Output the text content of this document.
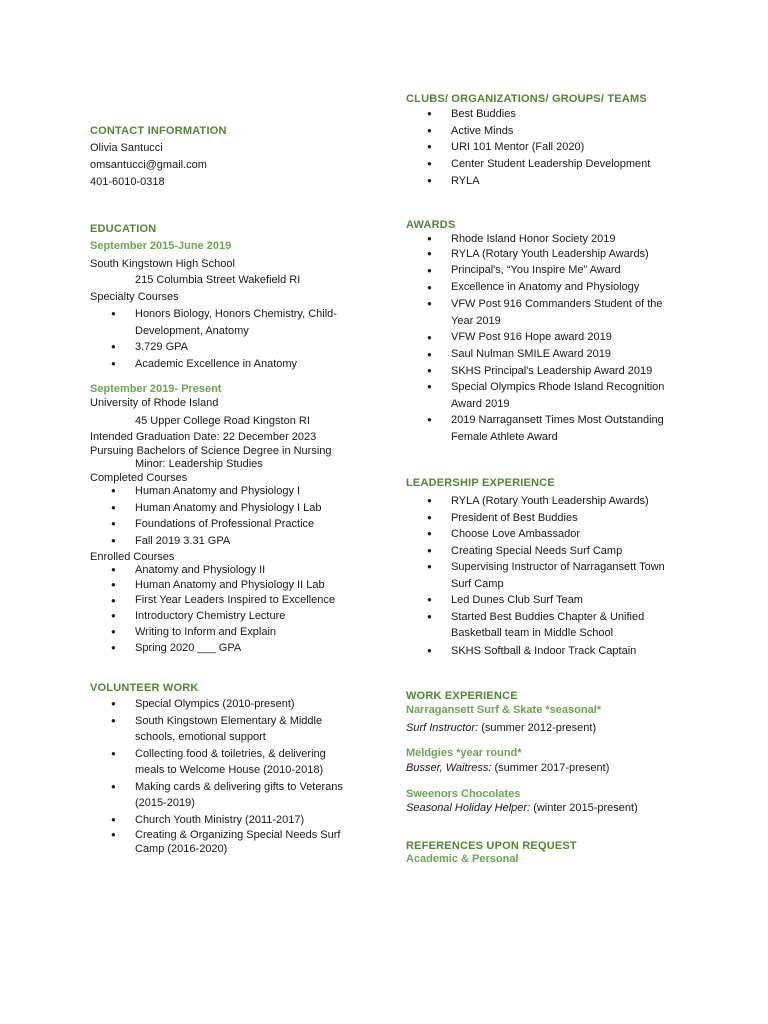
CONTACT INFORMATION
Olivia Santucci
omsantucci@gmail.com
401-6010-0318
EDUCATION
September 2015-June 2019
South Kingstown High School
215 Columbia Street Wakefield RI
Specialty Courses
● Honors Biology, Honors Chemistry, Child-
Development, Anatomy
● 3.729 GPA
● Academic Excellence in Anatomy
September 2019- Present
University of Rhode Island
45 Upper College Road Kingston RI
Intended Graduation Date: 22 December 2023
Pursuing Bachelors of Science Degree in Nursing
Minor: Leadership Studies
Completed Courses
● Human Anatomy and Physiology I
● Human Anatomy and Physiology I Lab
● Foundations of Professional Practice
● Fall 2019 3.31 GPA
Enrolled Courses
● Anatomy and Physiology II
● Human Anatomy and Physiology II Lab
● First Year Leaders Inspired to Excellence
● Introductory Chemistry Lecture
● Writing to Inform and Explain
● Spring 2020 ___ GPA
VOLUNTEER WORK
● Special Olympics (2010-present)
● South Kingstown Elementary & Middle
schools, emotional support
● Collecting food & toiletries, & delivering
meals to Welcome House (2010-2018)
● Making cards & delivering gifts to Veterans
(2015-2019)
● Church Youth Ministry (2011-2017)
● Creating & Organizing Special Needs Surf
Camp (2016-2020)
CLUBS/ ORGANIZATIONS/ GROUPS/ TEAMS
● Best Buddies
● Active Minds
● URI 101 Mentor (Fall 2020)
● Center Student Leadership Development
● RYLA
AWARDS
● Rhode Island Honor Society 2019
● RYLA (Rotary Youth Leadership Awards)
● Principal's, “You Inspire Me” Award
● Excellence in Anatomy and Physiology
● VFW Post 916 Commanders Student of the
Year 2019
● VFW Post 916 Hope award 2019
● Saul Nulman SMILE Award 2019
● SKHS Principal's Leadership Award 2019
● Special Olympics Rhode Island Recognition
Award 2019
● 2019 Narragansett Times Most Outstanding
Female Athlete Award
LEADERSHIP EXPERIENCE
● RYLA (Rotary Youth Leadership Awards)
● President of Best Buddies
● Choose Love Ambassador
● Creating Special Needs Surf Camp
● Supervising Instructor of Narragansett Town
Surf Camp
● Led Dunes Club Surf Team
● Started Best Buddies Chapter & Unified
Basketball team in Middle School
● SKHS Softball & Indoor Track Captain
WORK EXPERIENCE
Narragansett Surf & Skate *seasonal*
Surf Instructor: (summer 2012-present)
Meldgies *year round*
Busser, Waitress: (summer 2017-present)
Sweenors Chocolates
Seasonal Holiday Helper: (winter 2015-present)
REFERENCES UPON REQUEST
Academic & Personal
